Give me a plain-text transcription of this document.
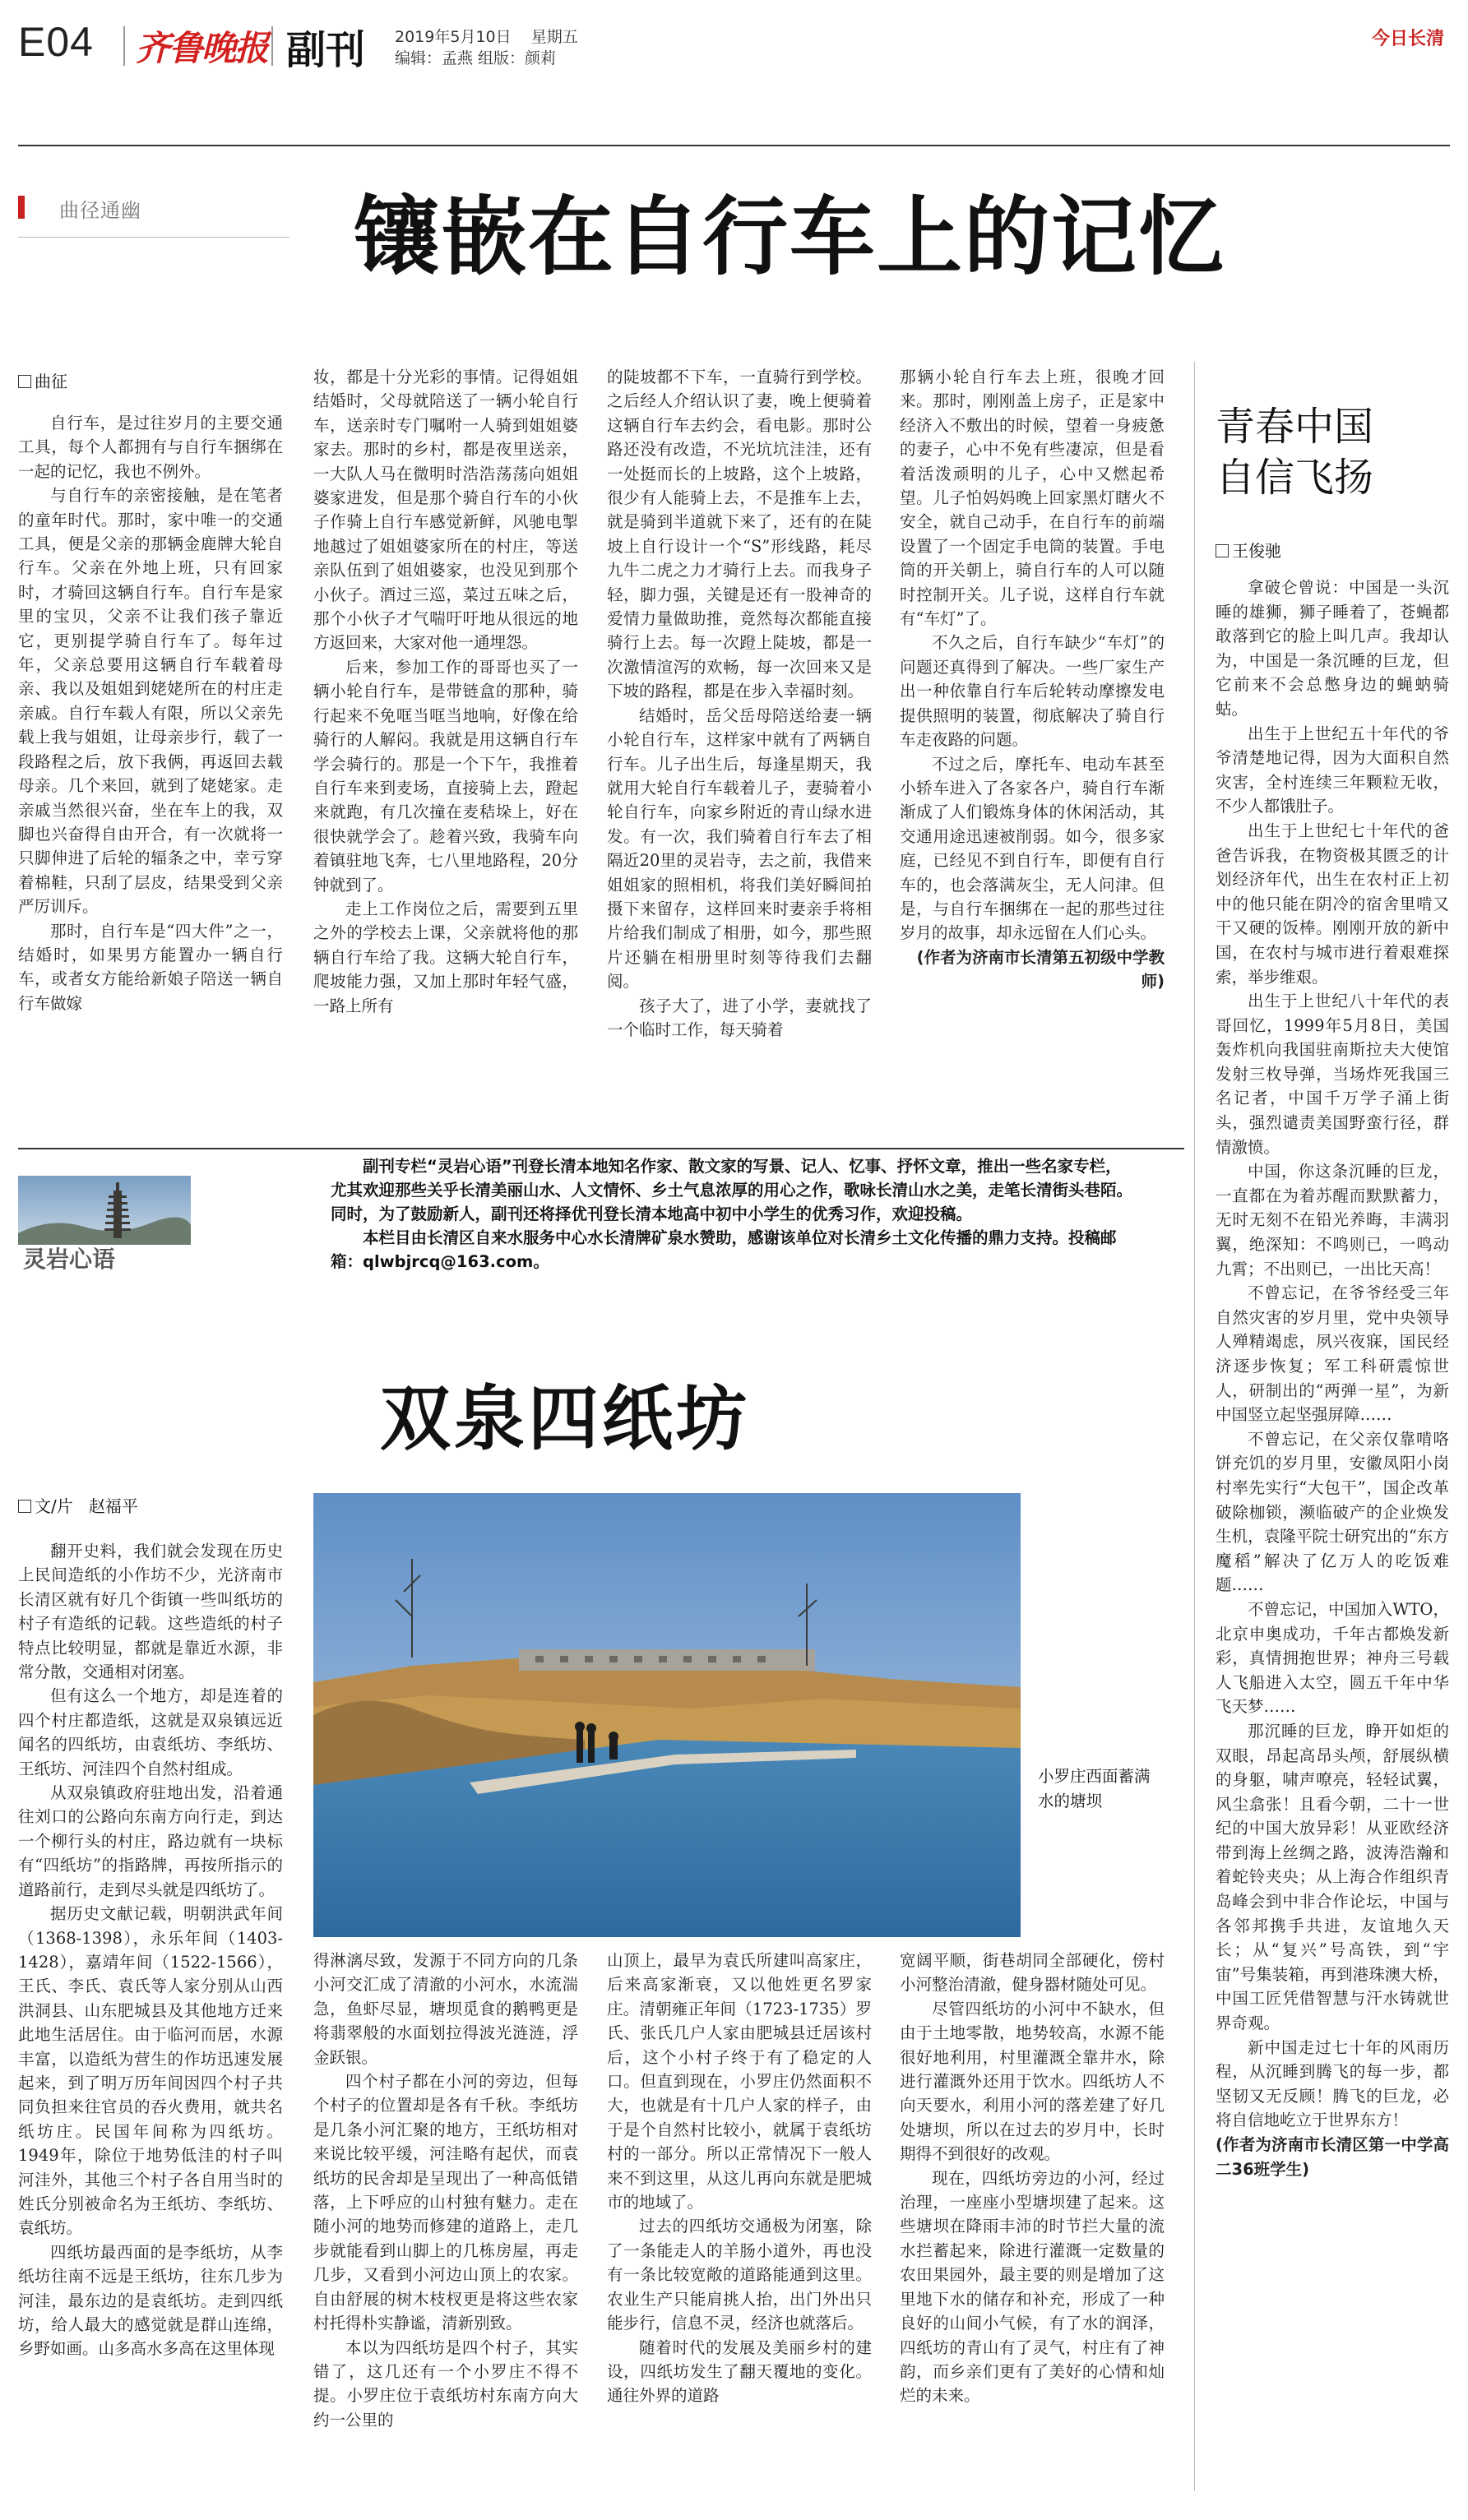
E04 齐鲁晚报 副刊 2019年5月10日 星期五
编辑：孟燕 组版：颜莉
今日长清
曲径通幽 镶嵌在自行车上的记忆
曲征

自行车，是过往岁月的主要交通工具，每个人都拥有与自行车捆绑在一起的记忆，我也不例外。

与自行车的亲密接触，是在笔者的童年时代。那时，家中唯一的交通工具，便是父亲的那辆金鹿牌大轮自行车。父亲在外地上班，只有回家时，才骑回这辆自行车。自行车是家里的宝贝，父亲不让我们孩子靠近它，更别提学骑自行车了。每年过年，父亲总要用这辆自行车载着母亲、我以及姐姐到姥姥所在的村庄走亲戚。自行车载人有限，所以父亲先载上我与姐姐，让母亲步行，载了一段路程之后，放下我俩，再返回去载母亲。几个来回，就到了姥姥家。走亲戚当然很兴奋，坐在车上的我，双脚也兴奋得自由开合，有一次就将一只脚伸进了后轮的辐条之中，幸亏穿着棉鞋，只刮了层皮，结果受到父亲严厉训斥。

那时，自行车是“四大件”之一，结婚时，如果男方能置办一辆自行车，或者女方能给新娘子陪送一辆自行车做嫁

妆，都是十分光彩的事情。记得姐姐结婚时，父母就陪送了一辆小轮自行车，送亲时专门嘱咐一人骑到姐姐婆家去。那时的乡村，都是夜里送亲，一大队人马在微明时浩浩荡荡向姐姐婆家进发，但是那个骑自行车的小伙子作骑上自行车感觉新鲜，风驰电掣地越过了姐姐婆家所在的村庄，等送亲队伍到了姐姐婆家，也没见到那个小伙子。酒过三巡，菜过五味之后，那个小伙子才气喘吁吁地从很远的地方返回来，大家对他一通埋怨。

后来，参加工作的哥哥也买了一辆小轮自行车，是带链盒的那种，骑行起来不免哐当哐当地响，好像在给骑行的人解闷。我就是用这辆自行车学会骑行的。那是一个下午，我推着自行车来到麦场，直接骑上去，蹬起来就跑，有几次撞在麦秸垛上，好在很快就学会了。趁着兴致，我骑车向着镇驻地飞奔，七八里地路程，20分钟就到了。

走上工作岗位之后，需要到五里之外的学校去上课，父亲就将他的那辆自行车给了我。这辆大轮自行车，爬坡能力强，又加上那时年轻气盛，一路上所有

的陡坡都不下车，一直骑行到学校。之后经人介绍认识了妻，晚上便骑着这辆自行车去约会，看电影。那时公路还没有改造，不光坑坑洼洼，还有一处挺而长的上坡路，这个上坡路，很少有人能骑上去，不是推车上去，就是骑到半道就下来了，还有的在陡坡上自行设计一个“S”形线路，耗尽九牛二虎之力才骑行上去。而我身子轻，脚力强，关键是还有一股神奇的爱情力量做助推，竟然每次都能直接骑行上去。每一次蹬上陡坡，都是一次激情渲泻的欢畅，每一次回来又是下坡的路程，都是在步入幸福时刻。

结婚时，岳父岳母陪送给妻一辆小轮自行车，这样家中就有了两辆自行车。儿子出生后，每逢星期天，我就用大轮自行车载着儿子，妻骑着小轮自行车，向家乡附近的青山绿水进发。有一次，我们骑着自行车去了相隔近20里的灵岩寺，去之前，我借来姐姐家的照相机，将我们美好瞬间拍摄下来留存，这样回来时妻亲手将相片给我们制成了相册，如今，那些照片还躺在相册里时刻等待我们去翻阅。

孩子大了，进了小学，妻就找了一个临时工作，每天骑着

那辆小轮自行车去上班，很晚才回来。那时，刚刚盖上房子，正是家中经济入不敷出的时候，望着一身疲惫的妻子，心中不免有些凄凉，但是看着活泼顽明的儿子，心中又燃起希望。儿子怕妈妈晚上回家黑灯瞎火不安全，就自己动手，在自行车的前端设置了一个固定手电筒的装置。手电筒的开关朝上，骑自行车的人可以随时控制开关。儿子说，这样自行车就有“车灯”了。

不久之后，自行车缺少“车灯”的问题还真得到了解决。一些厂家生产出一种依靠自行车后轮转动摩擦发电提供照明的装置，彻底解决了骑自行车走夜路的问题。

不过之后，摩托车、电动车甚至小轿车进入了各家各户，骑自行车渐渐成了人们锻炼身体的休闲活动，其交通用途迅速被削弱。如今，很多家庭，已经见不到自行车，即便有自行车的，也会落满灰尘，无人问津。但是，与自行车捆绑在一起的那些过往岁月的故事，却永远留在人们心头。

(作者为济南市长清第五初级中学教师)

青春中国
自信飞扬
王俊驰

拿破仑曾说：中国是一头沉睡的雄狮，狮子睡着了，苍蝇都敢落到它的脸上叫几声。我却认为，中国是一条沉睡的巨龙，但它前来不会总憋身边的蝇蚋骑蛄。

出生于上世纪五十年代的爷爷清楚地记得，因为大面积自然灾害，全村连续三年颗粒无收，不少人都饿肚子。

出生于上世纪七十年代的爸爸告诉我，在物资极其匮乏的计划经济年代，出生在农村正上初中的他只能在阴冷的宿舍里啃又干又硬的饭棒。刚刚开放的新中国，在农村与城市进行着艰难探索，举步维艰。

出生于上世纪八十年代的表哥回忆，1999年5月8日，美国轰炸机向我国驻南斯拉夫大使馆发射三枚导弹，当场炸死我国三名记者，中国千万学子涌上街头，强烈谴责美国野蛮行径，群情激愤。

中国，你这条沉睡的巨龙，一直都在为着苏醒而默默蓄力，无时无刻不在铅光养晦，丰满羽翼，绝深知：不鸣则已，一鸣动九霄；不出则已，一出比天高！

不曾忘记，在爷爷经受三年自然灾害的岁月里，党中央领导人殚精竭虑，夙兴夜寐，国民经济逐步恢复；军工科研震惊世人，研制出的“两弹一星”，为新中国竖立起坚强屏障……

不曾忘记，在父亲仅靠啃咯饼充饥的岁月里，安徽凤阳小岗村率先实行“大包干”，国企改革破除枷锁，濒临破产的企业焕发生机，袁隆平院士研究出的“东方魔稻”解决了亿万人的吃饭难题……

不曾忘记，中国加入WTO，北京申奥成功，千年古都焕发新彩，真情拥抱世界；神舟三号载人飞船进入太空，圆五千年中华飞天梦……

那沉睡的巨龙，睁开如炬的双眼，昂起高昂头颅，舒展纵横的身躯，啸声嘹亮，轻轻试翼，风尘翕张！且看今朝，二十一世纪的中国大放异彩！从亚欧经济带到海上丝绸之路，波涛浩瀚和着蛇铃夹央；从上海合作组织青岛峰会到中非合作论坛，中国与各邻邦携手共进，友谊地久天长；从“复兴”号高铁，到“宇宙”号集装箱，再到港珠澳大桥，中国工匠凭借智慧与汗水铸就世界奇观。

新中国走过七十年的风雨历程，从沉睡到腾飞的每一步，都坚韧又无反顾！腾飞的巨龙，必将自信地屹立于世界东方！

(作者为济南市长清区第一中学高二36班学生)

灵岩心语

副刊专栏“灵岩心语”刊登长清本地知名作家、散文家的写景、记人、忆事、抒怀文章，推出一些名家专栏，尤其欢迎那些关乎长清美丽山水、人文情怀、乡土气息浓厚的用心之作，歌咏长清山水之美，走笔长清街头巷陌。同时，为了鼓励新人，副刊还将择优刊登长清本地高中初中小学生的优秀习作，欢迎投稿。

本栏目由长清区自来水服务中心水长清牌矿泉水赞助，感谢该单位对长清乡土文化传播的鼎力支持。投稿邮箱：qlwbjrcq@163.com。

双泉四纸坊
文/片 赵福平

翻开史料，我们就会发现在历史上民间造纸的小作坊不少，光济南市长清区就有好几个街镇一些叫纸坊的村子有造纸的记载。这些造纸的村子特点比较明显，都就是靠近水源，非常分散，交通相对闭塞。

但有这么一个地方，却是连着的四个村庄都造纸，这就是双泉镇远近闻名的四纸坊，由袁纸坊、李纸坊、王纸坊、河洼四个自然村组成。

从双泉镇政府驻地出发，沿着通往刘口的公路向东南方向行走，到达一个柳行头的村庄，路边就有一块标有“四纸坊”的指路牌，再按所指示的道路前行，走到尽头就是四纸坊了。

据历史文献记载，明朝洪武年间（1368-1398），永乐年间（1403-1428），嘉靖年间（1522-1566），王氏、李氏、袁氏等人家分别从山西洪洞县、山东肥城县及其他地方迁来此地生活居住。由于临河而居，水源丰富，以造纸为营生的作坊迅速发展起来，到了明万历年间因四个村子共同负担来往官员的吞火费用，就共名纸坊庄。民国年间称为四纸坊。1949年，除位于地势低洼的村子叫河洼外，其他三个村子各自用当时的姓氏分别被命名为王纸坊、李纸坊、袁纸坊。

四纸坊最西面的是李纸坊，从李纸坊往南不远是王纸坊，往东几步为河洼，最东边的是袁纸坊。走到四纸坊，给人最大的感觉就是群山连绵，乡野如画。山多高水多高在这里体现

小罗庄西面蓄满水的塘坝

得淋漓尽致，发源于不同方向的几条小河交汇成了清澈的小河水，水流湍急，鱼虾尽显，塘坝觅食的鹅鸭更是将翡翠般的水面划拉得波光涟涟，浮金跃银。

四个村子都在小河的旁边，但每个村子的位置却是各有千秋。李纸坊是几条小河汇聚的地方，王纸坊相对来说比较平缓，河洼略有起伏，而袁纸坊的民舍却是呈现出了一种高低错落，上下呼应的山村独有魅力。走在随小河的地势而修建的道路上，走几步就能看到山脚上的几栋房屋，再走几步，又看到小河边山顶上的农家。自由舒展的树木枝杈更是将这些农家村托得朴实静谧，清新别致。

本以为四纸坊是四个村子，其实错了，这几还有一个小罗庄不得不提。小罗庄位于袁纸坊村东南方向大约一公里的

山顶上，最早为袁氏所建叫高家庄，后来高家渐衰，又以他姓更名罗家庄。清朝雍正年间（1723-1735）罗氏、张氏几户人家由肥城县迁居该村后，这个小村子终于有了稳定的人口。但直到现在，小罗庄仍然面积不大，也就是有十几户人家的样子，由于是个自然村比较小，就属于袁纸坊村的一部分。所以正常情况下一般人来不到这里，从这儿再向东就是肥城市的地域了。

过去的四纸坊交通极为闭塞，除了一条能走人的羊肠小道外，再也没有一条比较宽敞的道路能通到这里。农业生产只能肩挑人抬，出门外出只能步行，信息不灵，经济也就落后。

随着时代的发展及美丽乡村的建设，四纸坊发生了翻天覆地的变化。通往外界的道路

宽阔平顺，街巷胡同全部硬化，傍村小河整治清澈，健身器材随处可见。

尽管四纸坊的小河中不缺水，但由于土地零散，地势较高，水源不能很好地利用，村里灌溉全靠井水，除进行灌溉外还用于饮水。四纸坊人不向天要水，利用小河的落差建了好几处塘坝，所以在过去的岁月中，长时期得不到很好的改观。

现在，四纸坊旁边的小河，经过治理，一座座小型塘坝建了起来。这些塘坝在降雨丰沛的时节拦大量的流水拦蓄起来，除进行灌溉一定数量的农田果园外，最主要的则是增加了这里地下水的储存和补充，形成了一种良好的山间小气候，有了水的润泽，四纸坊的青山有了灵气，村庄有了神韵，而乡亲们更有了美好的心情和灿烂的未来。
